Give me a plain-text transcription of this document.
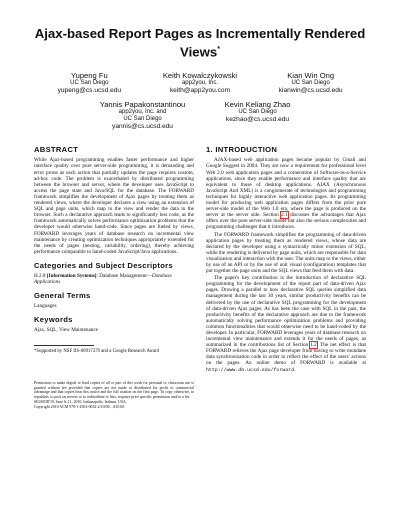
Ajax-based Report Pages as Incrementally Rendered Views*
Yupeng Fu
UC San Diego
yupeng@cs.ucsd.edu
Keith Kowalczykowski
app2you, Inc.
keith@app2you.com
Kian Win Ong
UC San Diego
kianwin@cs.ucsd.edu
Yannis Papakonstantinou
app2you, Inc. and
UC San Diego
yannis@cs.ucsd.edu
Kevin Keliang Zhao
UC San Diego
kezhao@cs.ucsd.edu
ABSTRACT

While Ajax-based programming enables faster performance and higher interface quality over pure server-side programming, it is demanding and error prone as each action that partially updates the page requires custom, ad-hoc code. The problem is exacerbated by distributed programming between the browser and server, where the developer uses JavaScript to access the page state and Java/SQL for the database. The FORWARD framework simplifies the development of Ajax pages by treating them as rendered views, where the developer declares a view using an extension of SQL and page units, which map to the view and render the data in the browser. Such a declarative approach leads to significantly less code, as the framework automatically solves performance optimization problems that the developer would otherwise hand-code. Since pages are fueled by views, FORWARD leverages years of database research on incremental view maintenance by creating optimization techniques appropriately extended for the needs of pages (nesting, variability, ordering), thereby achieving performance comparable to hand-coded JavaScript/Java applications.

Categories and Subject Descriptors
H.2.8 [Information Systems]: Database Management—Database Applications
General Terms
Languages
Keywords
Ajax, SQL, View Maintenance
*Supported by NSF IIS-00917379 and a Google Research Award
Permission to make digital or hard copies of all or part of this work for personal or classroom use is granted without fee provided that copies are not made or distributed for profit or commercial advantage and that copies bear this notice and the full citation on the first page. To copy otherwise, to republish, to post on servers or to redistribute to lists, requires prior specific permission and/or a fee.
SIGMOD'10, June 6–11, 2010, Indianapolis, Indiana, USA.
Copyright 2010 ACM 978-1-4503-0032-2/10/06 ...$10.00.
1. INTRODUCTION

AJAX-based web application pages became popular by Gmail and Google Suggest in 2004. They are now a requirement for professional level Web 2.0 web application pages and a cornerstone of Software-as-a-Service applications, since they enable performance and interface quality that are equivalent to those of desktop applications. AJAX (Asynchronous JavaScript And XML) is a conglomerate of technologies and programming techniques for highly interactive web application pages. Its programming model for producing web application pages differs from the prior pure server-side model of the Web 1.0 era, where the page is produced on the server at the server side. Section 2.1 discusses the advantages that Ajax offers over the pure server-side model but also the serious complexities and programming challenges that it introduces.

The FORWARD framework simplifies the programming of data-driven application pages by treating them as rendered views, whose data are declared by the developer using a syntactically minor extension of SQL, while the rendering is delivered by page units, which are responsible for data visualization and interaction with the user. The units map to the views, either by use of an API or by the use of unit visual (configuration) templates that put together the page units and the SQL views that feed them with data.

The paper's key contribution is the introduction of declarative SQL programming for the development of the report part of data-driven Ajax pages. Drawing a parallel to how declarative SQL queries simplified data management during the last 30 years, similar productivity benefits can be delivered by the use of declarative SQL programming for the development of data-driven Ajax pages. As has been the case with SQL in the past, the productivity benefits of the declarative approach are due to the framework automatically solving performance optimization problems and providing common functionalities that would otherwise need to be hand-coded by the developer. In particular, FORWARD leverages years of database research on incremental view maintenance and extends it for the needs of pages, as summarized in the contributions list of Section 1.2. The net effect is that FORWARD relieves the Ajax page developer from having to write mundane data synchronization code in order to reflect the effect of the users' actions on the pages. An online demo of FORWARD is available at http://www.db.ucsd.edu/forward.
